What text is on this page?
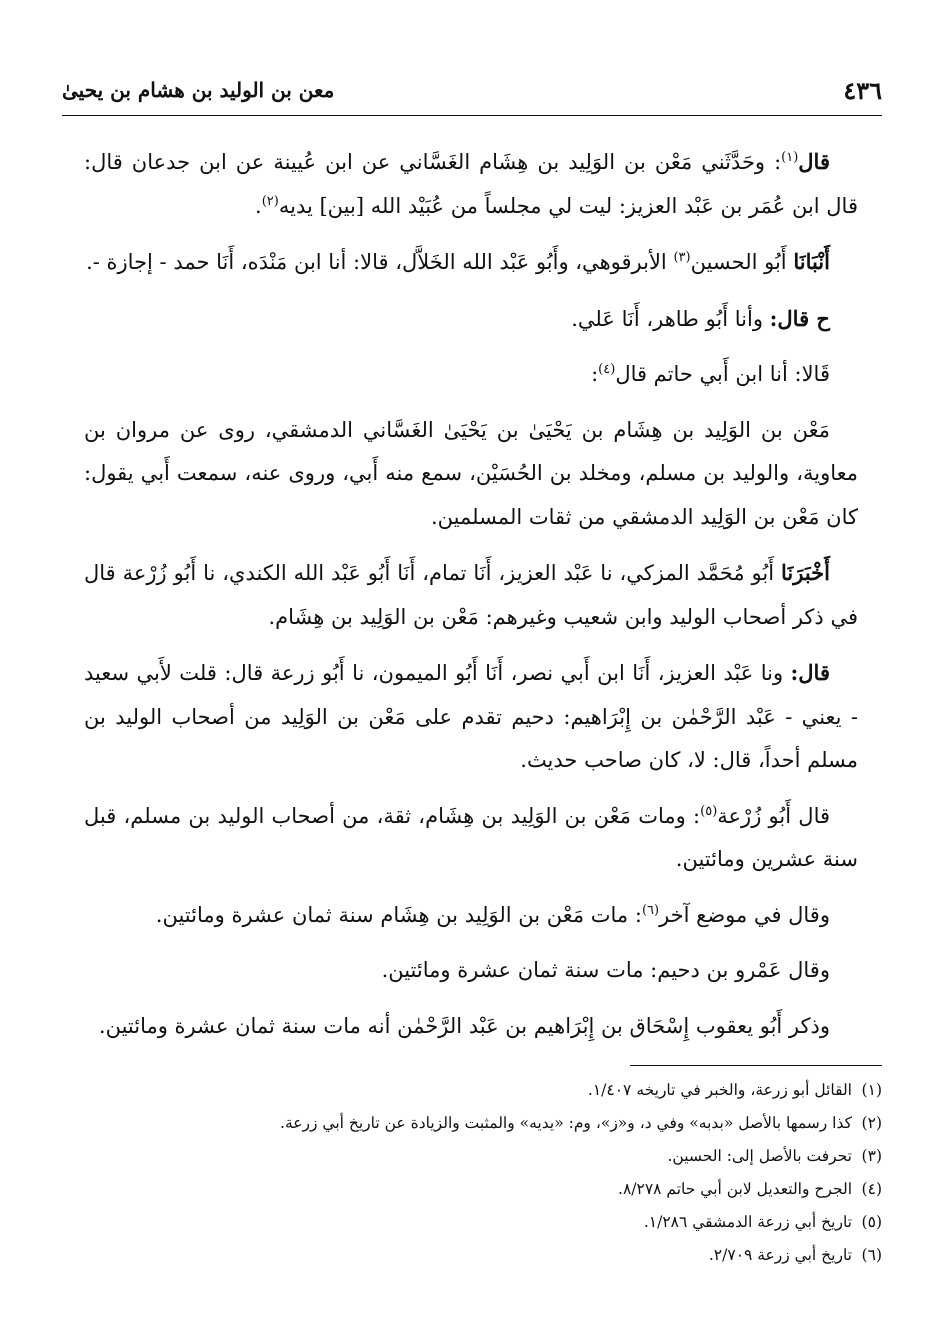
٤٣٦
معن بن الوليد بن هشام بن يحيىٰ

قال$^{(١)}$: وحَدَّثَني مَعْن بن الوَلِيد بن هِشَام الغَسَّاني عن ابن عُيينة عن ابن جدعان قال: قال ابن عُمَر بن عَبْد العزيز: ليت لي مجلساً من عُبَيْد الله [بين] يديه$^{(٢)}$.

أَنْبَانَا أَبُو الحسين$^{(٣)}$ الأبرقوهي، وأَبُو عَبْد الله الخَلاَّل، قالا: أنا ابن مَنْدَه، أَنَا حمد - إجازة -.

ح قال: وأنا أَبُو طاهر، أَنَا عَلي.

قَالا: أنا ابن أَبي حاتم قال$^{(٤)}$:

مَعْن بن الوَلِيد بن هِشَام بن يَحْيَىٰ بن يَحْيَىٰ الغَسَّاني الدمشقي، روى عن مروان بن معاوية، والوليد بن مسلم، ومخلد بن الحُسَيْن، سمع منه أَبي، وروى عنه، سمعت أَبي يقول: كان مَعْن بن الوَلِيد الدمشقي من ثقات المسلمين.

أَخْبَرَنَا أَبُو مُحَمَّد المزكي، نا عَبْد العزيز، أَنَا تمام، أَنَا أَبُو عَبْد الله الكندي، نا أَبُو زُرْعة قال في ذكر أصحاب الوليد وابن شعيب وغيرهم: مَعْن بن الوَلِيد بن هِشَام.

قال: ونا عَبْد العزيز، أَنَا ابن أَبي نصر، أَنَا أَبُو الميمون، نا أَبُو زرعة قال: قلت لأَبي سعيد - يعني - عَبْد الرَّحْمٰن بن إِبْرَاهيم: دحيم تقدم على مَعْن بن الوَلِيد من أصحاب الوليد بن مسلم أحداً، قال: لا، كان صاحب حديث.

قال أَبُو زُرْعة$^{(٥)}$: ومات مَعْن بن الوَلِيد بن هِشَام، ثقة، من أصحاب الوليد بن مسلم، قبل سنة عشرين ومائتين.

وقال في موضع آخر$^{(٦)}$: مات مَعْن بن الوَلِيد بن هِشَام سنة ثمان عشرة ومائتين.

وقال عَمْرو بن دحيم: مات سنة ثمان عشرة ومائتين.

وذكر أَبُو يعقوب إِسْحَاق بن إِبْرَاهيم بن عَبْد الرَّحْمٰن أنه مات سنة ثمان عشرة ومائتين.

(١)القائل أبو زرعة، والخبر في تاريخه ١/٤٠٧.
(٢)كذا رسمها بالأصل «بدبه» وفي د، و«ز»، وم: «يديه» والمثبت والزيادة عن تاريخ أبي زرعة.
(٣)تحرفت بالأصل إلى: الحسين.
(٤)الجرح والتعديل لابن أبي حاتم ٨/٢٧٨.
(٥)تاريخ أبي زرعة الدمشقي ١/٢٨٦.
(٦)تاريخ أبي زرعة ٢/٧٠٩.
